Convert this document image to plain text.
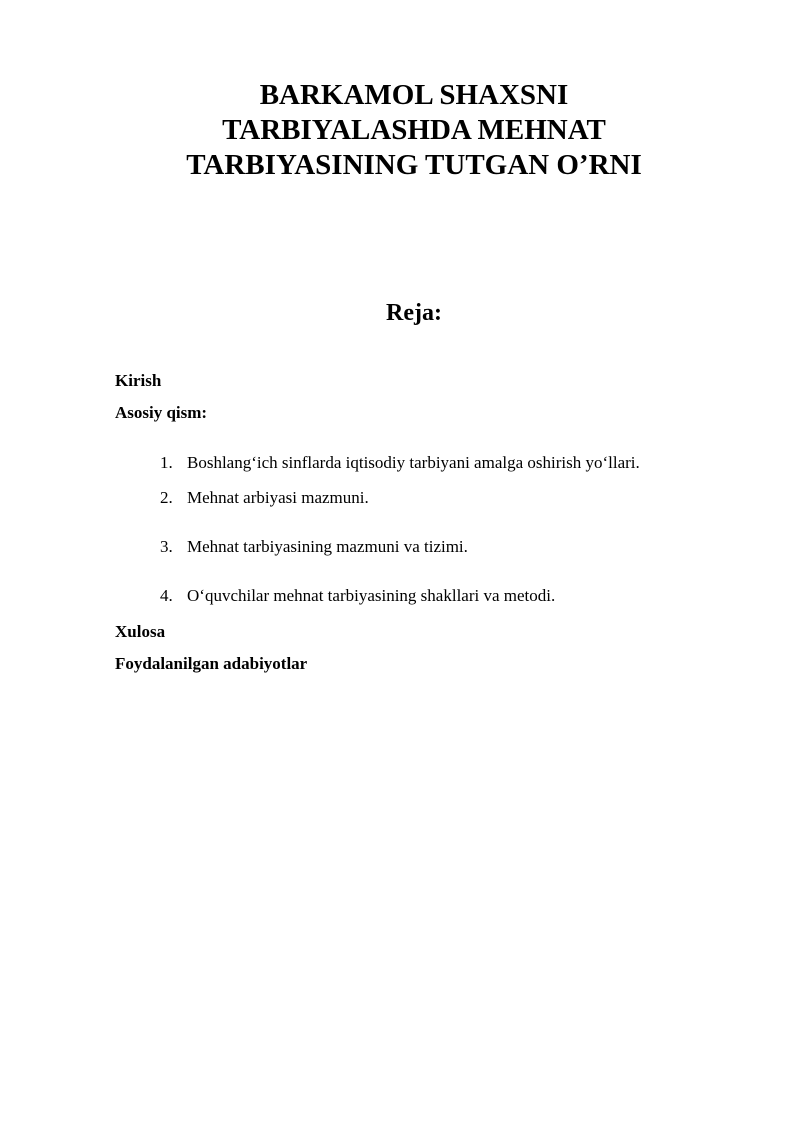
BARKAMOL SHAXSNI
TARBIYALASHDA MEHNAT
TARBIYASINING TUTGAN O’RNI
Reja:

Kirish

Asosiy qism:

1. Boshlang‘ich sinflarda iqtisodiy tarbiyani amalga oshirish yo‘llari.

2. Mehnat arbiyasi mazmuni.

3. Mehnat tarbiyasining mazmuni va tizimi.

4. O‘quvchilar mehnat tarbiyasining shakllari va metodi.

Xulosa

Foydalanilgan adabiyotlar
